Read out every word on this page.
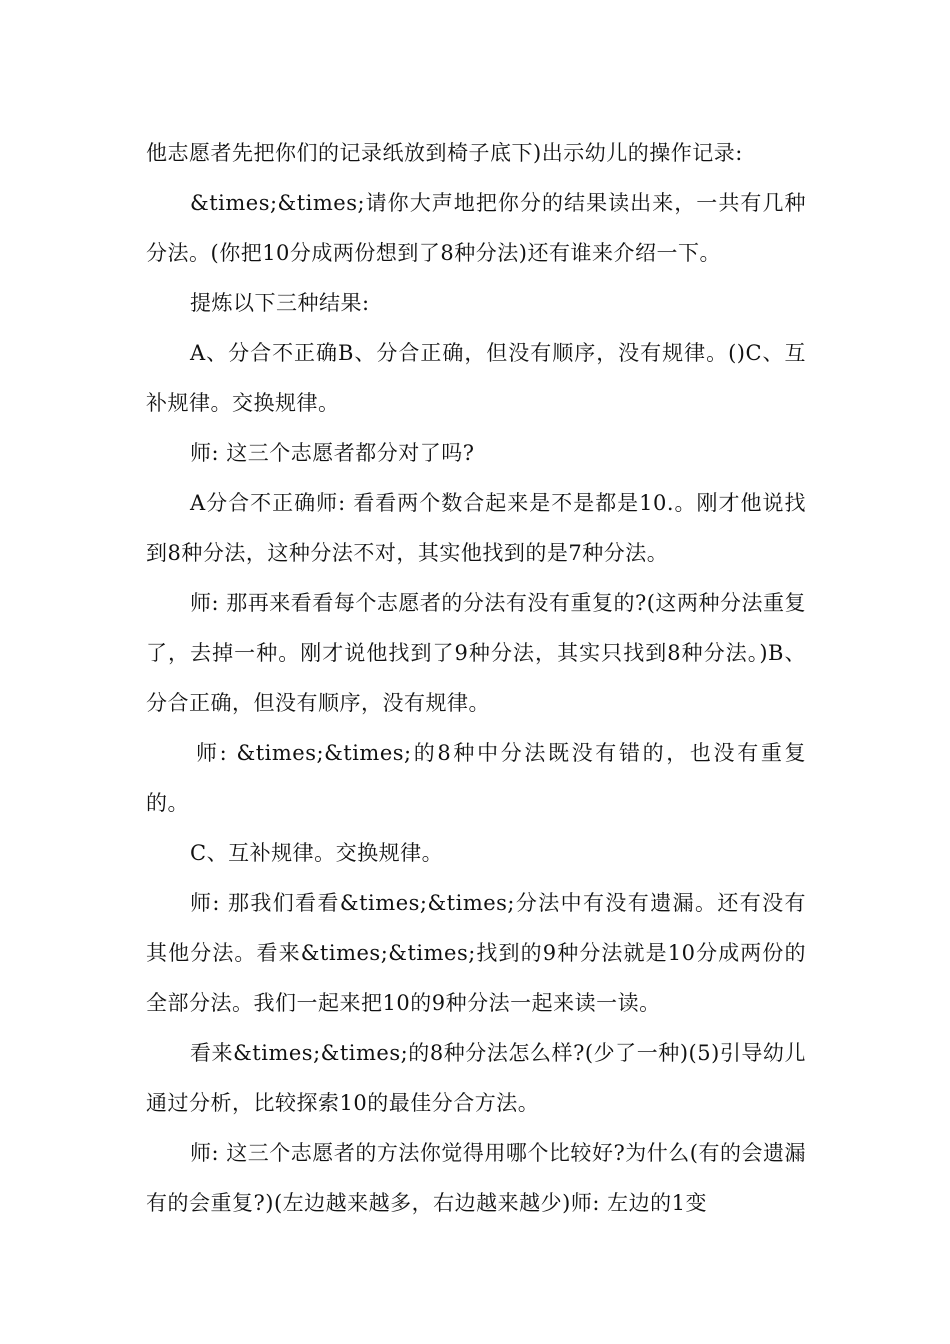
他志愿者先把你们的记录纸放到椅子底下)出示幼儿的操作记录:

&times;&times;请你大声地把你分的结果读出来，一共有几种分法。(你把10分成两份想到了8种分法)还有谁来介绍一下。

提炼以下三种结果:

A、分合不正确B、分合正确，但没有顺序，没有规律。()C、互补规律。交换规律。

师: 这三个志愿者都分对了吗?

A分合不正确师: 看看两个数合起来是不是都是10.。刚才他说找到8种分法，这种分法不对，其实他找到的是7种分法。

师: 那再来看看每个志愿者的分法有没有重复的?(这两种分法重复了，去掉一种。刚才说他找到了9种分法，其实只找到8种分法。)B、分合正确，但没有顺序，没有规律。

师: &times;&times;的8种中分法既没有错的，也没有重复的。

C、互补规律。交换规律。

师: 那我们看看&times;&times;分法中有没有遗漏。还有没有其他分法。看来&times;&times;找到的9种分法就是10分成两份的全部分法。我们一起来把10的9种分法一起来读一读。

看来&times;&times;的8种分法怎么样?(少了一种)(5)引导幼儿通过分析，比较探索10的最佳分合方法。

师: 这三个志愿者的方法你觉得用哪个比较好?为什么(有的会遗漏有的会重复?)(左边越来越多，右边越来越少)师: 左边的1变
